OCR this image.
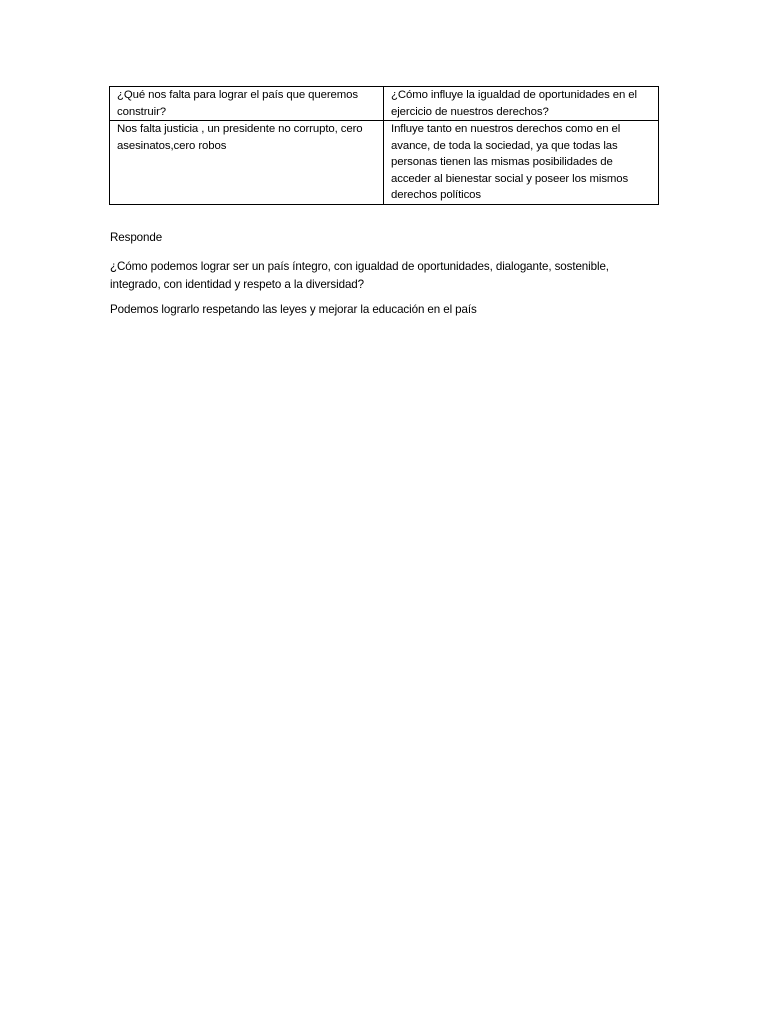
¿Qué nos falta para lograr el país que queremos construir?	¿Cómo influye la igualdad de oportunidades en el ejercicio de nuestros derechos?
Nos falta justicia , un presidente no corrupto, cero asesinatos,cero robos	Influye tanto en nuestros derechos como en el avance, de toda la sociedad, ya que todas las personas tienen las mismas posibilidades de acceder al bienestar social y poseer los mismos derechos políticos
Responde
¿Cómo podemos lograr ser un país íntegro, con igualdad de oportunidades, dialogante, sostenible, integrado, con identidad y respeto a la diversidad?
Podemos lograrlo respetando las leyes y mejorar la educación en el país
